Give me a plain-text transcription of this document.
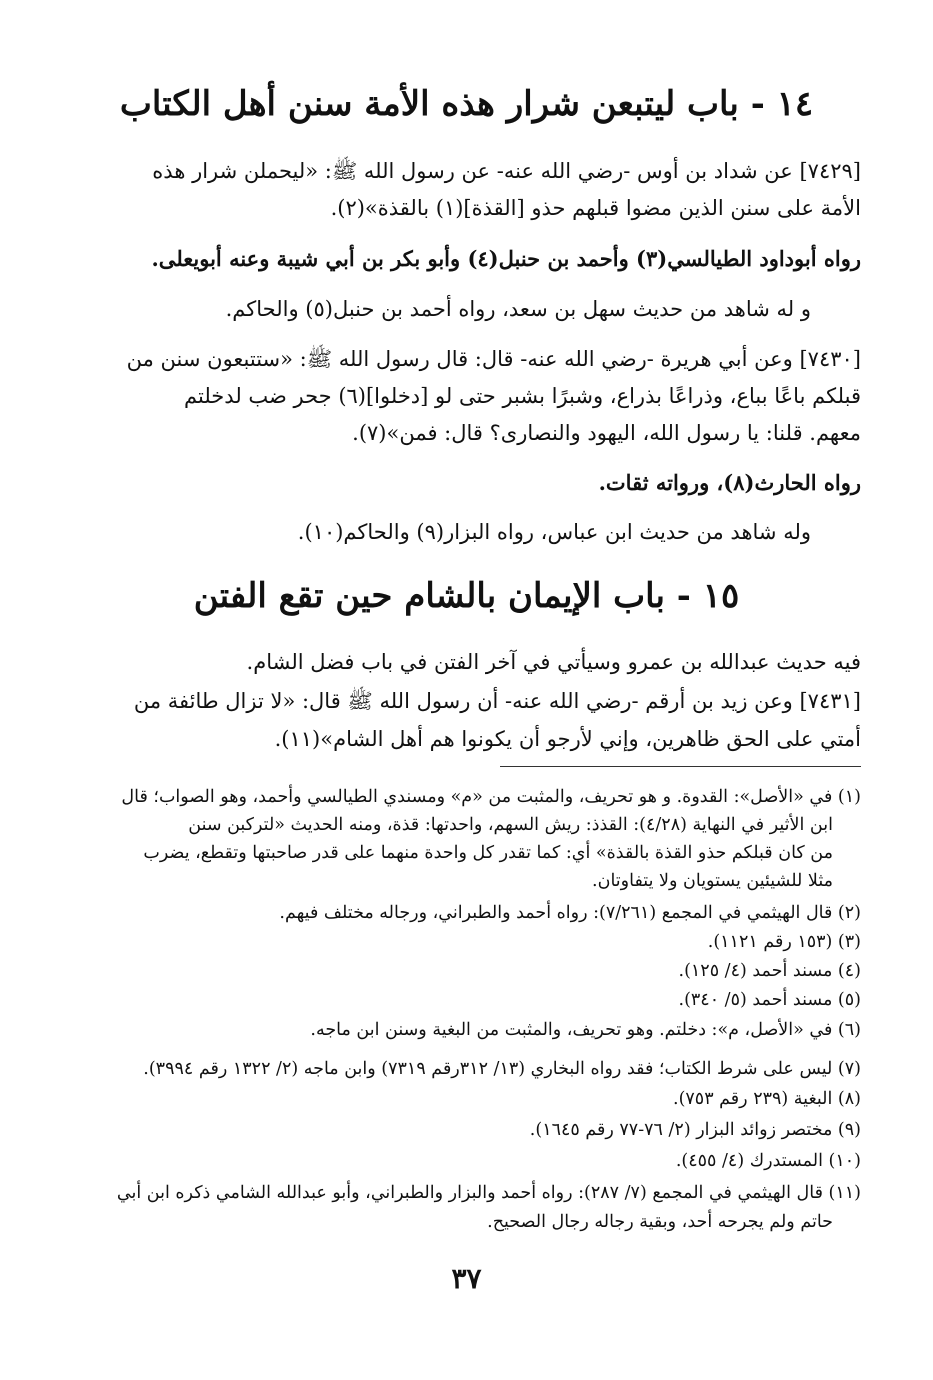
١٤ - باب ليتبعن شرار هذه الأمة سنن أهل الكتاب
[٧٤٢٩] عن شداد بن أوس -رضي الله عنه- عن رسول الله ﷺ: «ليحملن شرار هذه
الأمة على سنن الذين مضوا قبلهم حذو [القذة](١) بالقذة»(٢).
رواه أبوداود الطيالسي(٣) وأحمد بن حنبل(٤) وأبو بكر بن أبي شيبة وعنه أبويعلى.
و له شاهد من حديث سهل بن سعد، رواه أحمد بن حنبل(٥) والحاكم.
[٧٤٣٠] وعن أبي هريرة -رضي الله عنه- قال: قال رسول الله ﷺ: «ستتبعون سنن من
قبلكم باعًا بباع، وذراعًا بذراع، وشبرًا بشبر حتى لو [دخلوا](٦) جحر ضب لدخلتم
معهم. قلنا: يا رسول الله، اليهود والنصارى؟ قال: فمن»(٧).
رواه الحارث(٨)، ورواته ثقات.
وله شاهد من حديث ابن عباس، رواه البزار(٩) والحاكم(١٠).
١٥ - باب الإيمان بالشام حين تقع الفتن
فيه حديث عبدالله بن عمرو وسيأتي في آخر الفتن في باب فضل الشام.
[٧٤٣١] وعن زيد بن أرقم -رضي الله عنه- أن رسول الله ﷺ قال: «لا تزال طائفة من
أمتي على الحق ظاهرين، وإني لأرجو أن يكونوا هم أهل الشام»(١١).
(١) في «الأصل»: القدوة. و هو تحريف، والمثبت من «م» ومسندي الطيالسي وأحمد، وهو الصواب؛ قال
ابن الأثير في النهاية (٤/٢٨): القذذ: ريش السهم، واحدتها: قذة، ومنه الحديث «لتركبن سنن
من كان قبلكم حذو القذة بالقذة» أي: كما تقدر كل واحدة منهما على قدر صاحبتها وتقطع، يضرب
مثلا للشيئين يستويان ولا يتفاوتان.
(٢) قال الهيثمي في المجمع (٧/٢٦١): رواه أحمد والطبراني، ورجاله مختلف فيهم.
(٣) (١٥٣ رقم ١١٢١).
(٤) مسند أحمد (٤/ ١٢٥).
(٥) مسند أحمد (٥/ ٣٤٠).
(٦) في «الأصل، م»: دخلتم. وهو تحريف، والمثبت من البغية وسنن ابن ماجه.
(٧) ليس على شرط الكتاب؛ فقد رواه البخاري (١٣/ ٣١٢رقم ٧٣١٩) وابن ماجه (٢/ ١٣٢٢ رقم ٣٩٩٤).
(٨) البغية (٢٣٩ رقم ٧٥٣).
(٩) مختصر زوائد البزار (٢/ ٧٦-٧٧ رقم ١٦٤٥).
(١٠) المستدرك (٤/ ٤٥٥).
(١١) قال الهيثمي في المجمع (٧/ ٢٨٧): رواه أحمد والبزار والطبراني، وأبو عبدالله الشامي ذكره ابن أبي
حاتم ولم يجرحه أحد، وبقية رجاله رجال الصحيح.
٣٧
